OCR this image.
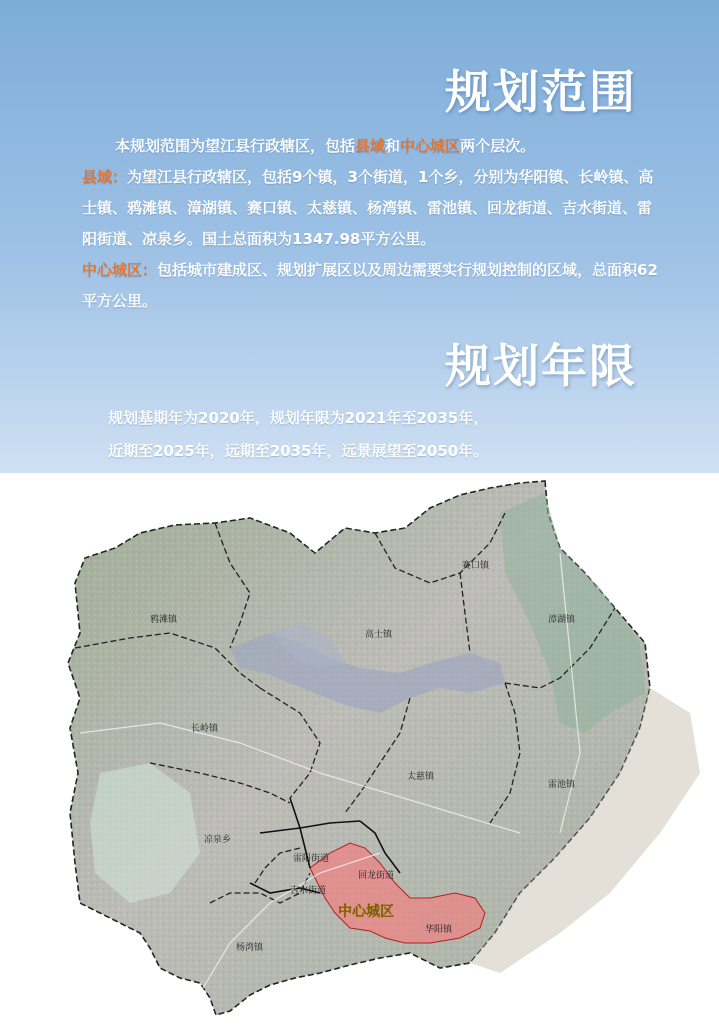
规划范围

本规划范围为望江县行政辖区，包括县域和中心城区两个层次。

县域：为望江县行政辖区，包括9个镇，3个街道，1个乡，分别为华阳镇、长岭镇、高士镇、鸦滩镇、漳湖镇、赛口镇、太慈镇、杨湾镇、雷池镇、回龙街道、吉水街道、雷阳街道、凉泉乡。国土总面积为1347.98平方公里。

中心城区：包括城市建成区、规划扩展区以及周边需要实行规划控制的区域，总面积62平方公里。

规划年限

规划基期年为2020年，规划年限为2021年至2035年，
近期至2025年，远期至2035年，远景展望至2050年。

赛口镇
鸦滩镇
高士镇
漳湖镇
长岭镇
太慈镇
雷池镇
凉泉乡
雷阳街道
回龙街道
吉水街道
华阳镇
杨湾镇
中心城区
